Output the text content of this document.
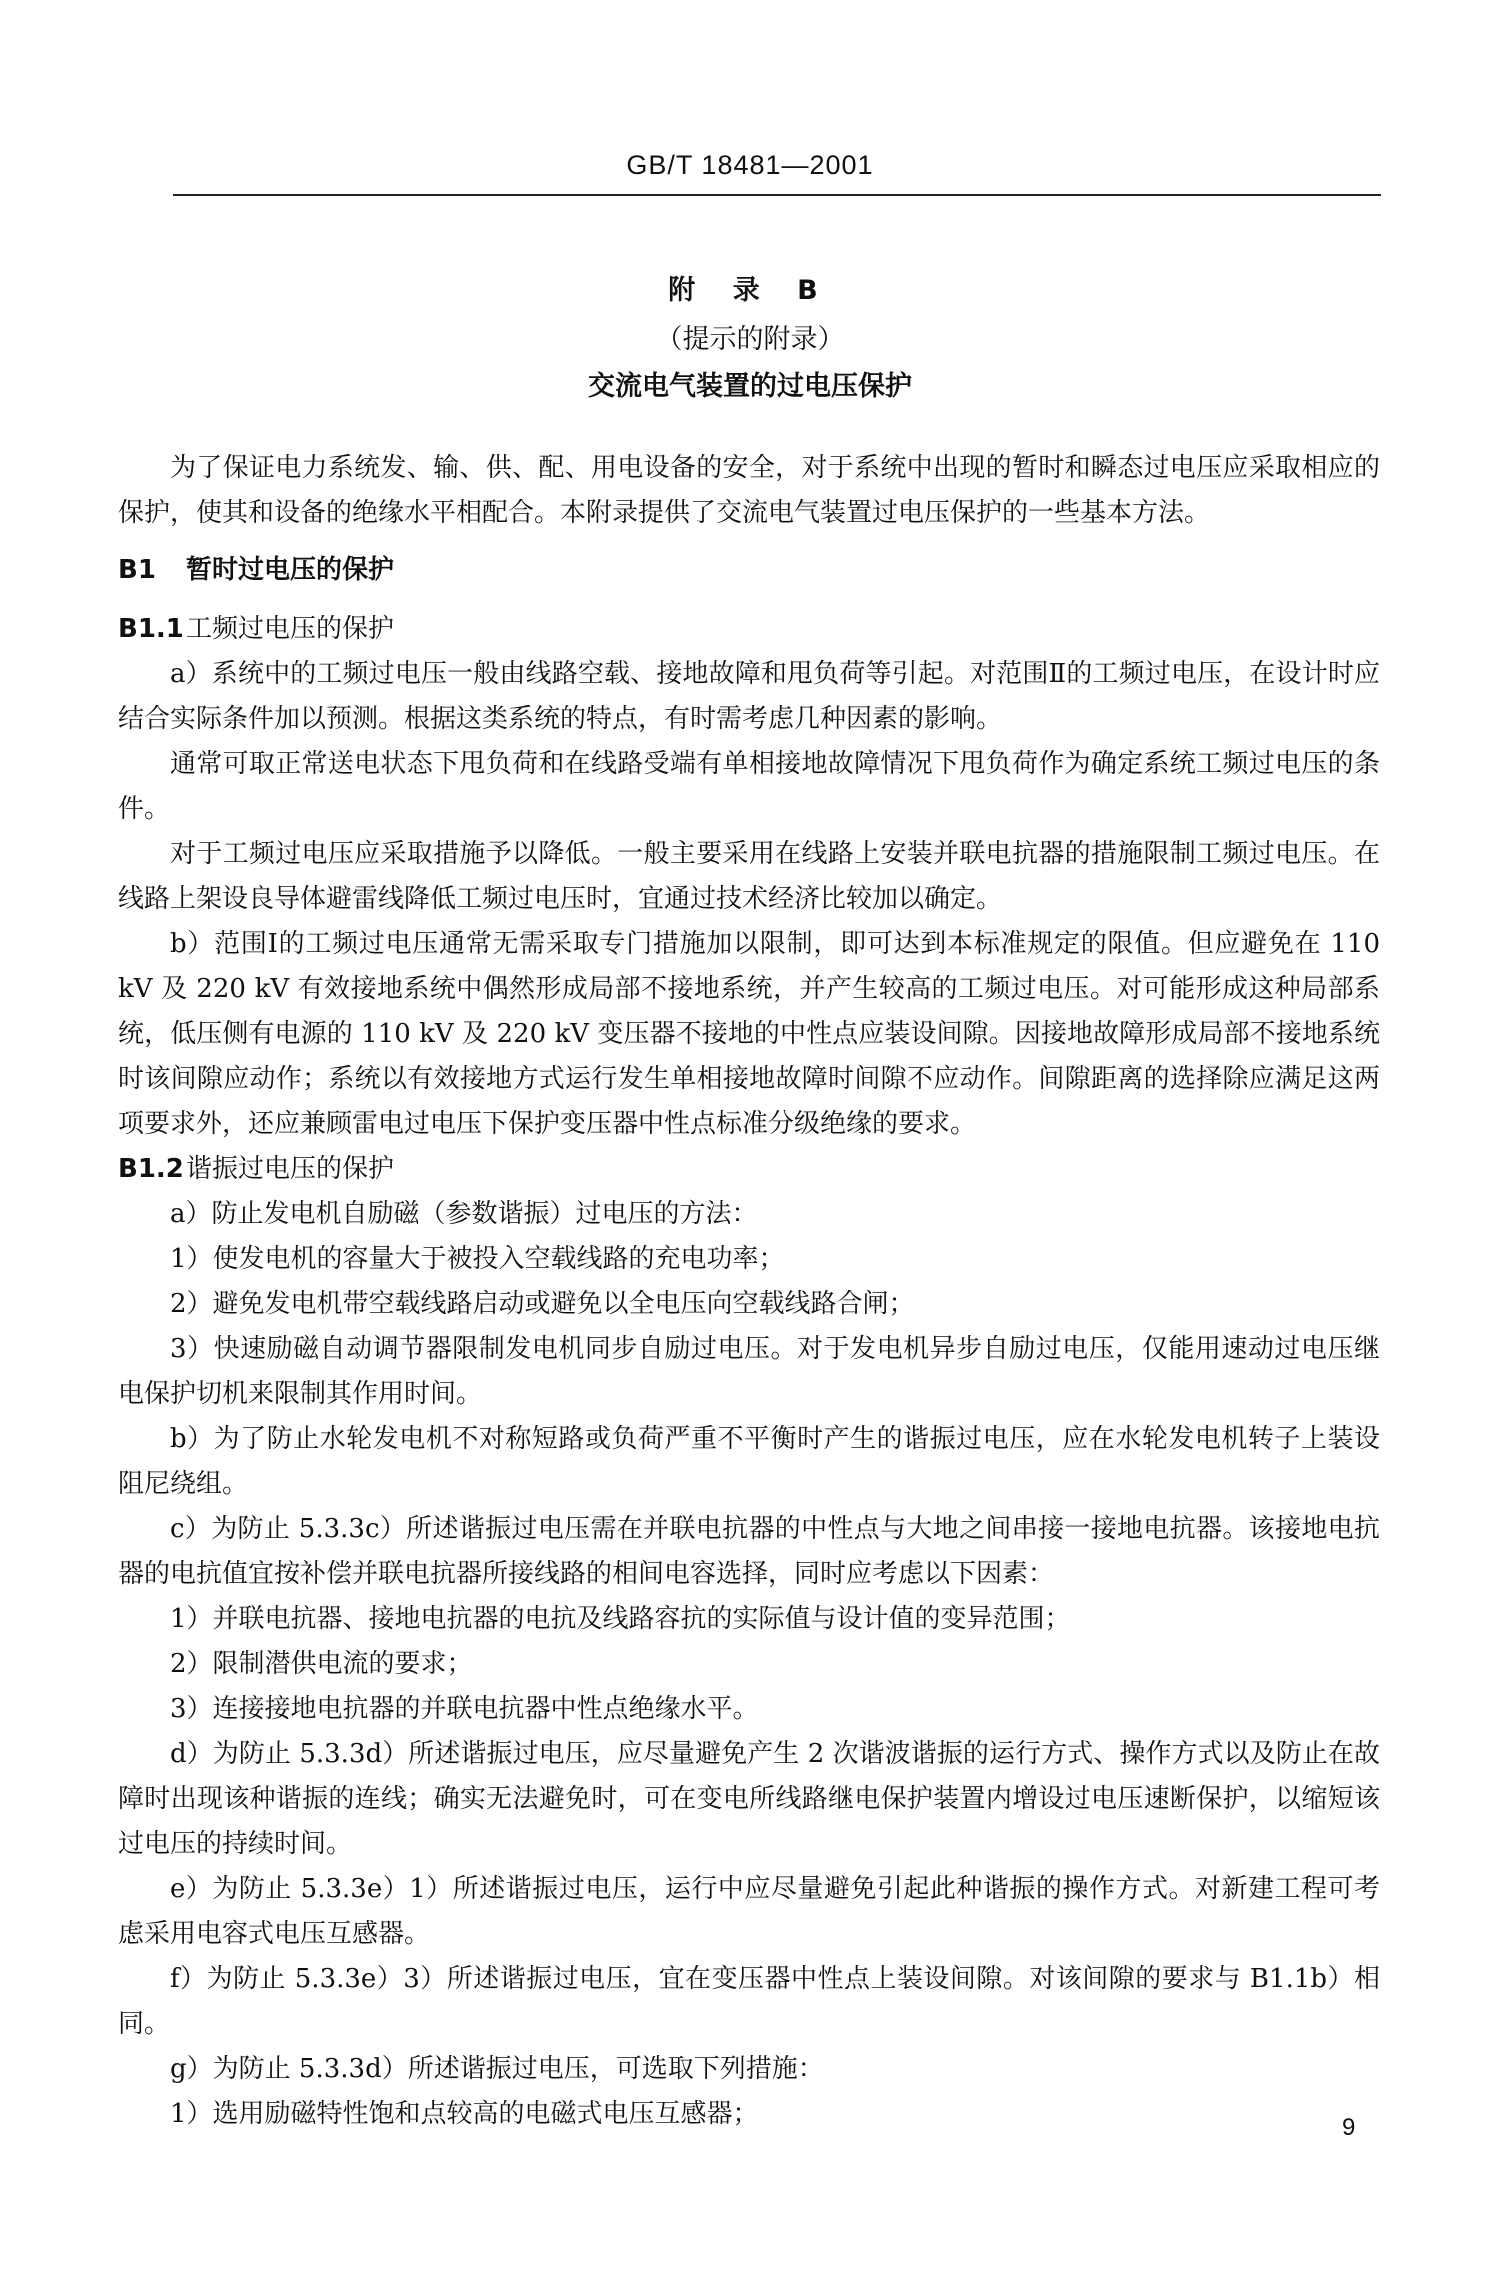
GB/T 18481—2001
附 录 B
（提示的附录）
交流电气装置的过电压保护

为了保证电力系统发、输、供、配、用电设备的安全，对于系统中出现的暂时和瞬态过电压应采取相应的保护，使其和设备的绝缘水平相配合。本附录提供了交流电气装置过电压保护的一些基本方法。

B1 暂时过电压的保护

B1.1工频过电压的保护

a）系统中的工频过电压一般由线路空载、接地故障和甩负荷等引起。对范围Ⅱ的工频过电压，在设计时应结合实际条件加以预测。根据这类系统的特点，有时需考虑几种因素的影响。

通常可取正常送电状态下甩负荷和在线路受端有单相接地故障情况下甩负荷作为确定系统工频过电压的条件。

对于工频过电压应采取措施予以降低。一般主要采用在线路上安装并联电抗器的措施限制工频过电压。在线路上架设良导体避雷线降低工频过电压时，宜通过技术经济比较加以确定。

b）范围Ⅰ的工频过电压通常无需采取专门措施加以限制，即可达到本标准规定的限值。但应避免在 110 kV 及 220 kV 有效接地系统中偶然形成局部不接地系统，并产生较高的工频过电压。对可能形成这种局部系统，低压侧有电源的 110 kV 及 220 kV 变压器不接地的中性点应装设间隙。因接地故障形成局部不接地系统时该间隙应动作；系统以有效接地方式运行发生单相接地故障时间隙不应动作。间隙距离的选择除应满足这两项要求外，还应兼顾雷电过电压下保护变压器中性点标准分级绝缘的要求。

B1.2谐振过电压的保护

a）防止发电机自励磁（参数谐振）过电压的方法：

1）使发电机的容量大于被投入空载线路的充电功率；

2）避免发电机带空载线路启动或避免以全电压向空载线路合闸；

3）快速励磁自动调节器限制发电机同步自励过电压。对于发电机异步自励过电压，仅能用速动过电压继电保护切机来限制其作用时间。

b）为了防止水轮发电机不对称短路或负荷严重不平衡时产生的谐振过电压，应在水轮发电机转子上装设阻尼绕组。

c）为防止 5.3.3c）所述谐振过电压需在并联电抗器的中性点与大地之间串接一接地电抗器。该接地电抗器的电抗值宜按补偿并联电抗器所接线路的相间电容选择，同时应考虑以下因素：

1）并联电抗器、接地电抗器的电抗及线路容抗的实际值与设计值的变异范围；

2）限制潜供电流的要求；

3）连接接地电抗器的并联电抗器中性点绝缘水平。

d）为防止 5.3.3d）所述谐振过电压，应尽量避免产生 2 次谐波谐振的运行方式、操作方式以及防止在故障时出现该种谐振的连线；确实无法避免时，可在变电所线路继电保护装置内增设过电压速断保护，以缩短该过电压的持续时间。

e）为防止 5.3.3e）1）所述谐振过电压，运行中应尽量避免引起此种谐振的操作方式。对新建工程可考虑采用电容式电压互感器。

f）为防止 5.3.3e）3）所述谐振过电压，宜在变压器中性点上装设间隙。对该间隙的要求与 B1.1b）相同。

g）为防止 5.3.3d）所述谐振过电压，可选取下列措施：

1）选用励磁特性饱和点较高的电磁式电压互感器；	9
